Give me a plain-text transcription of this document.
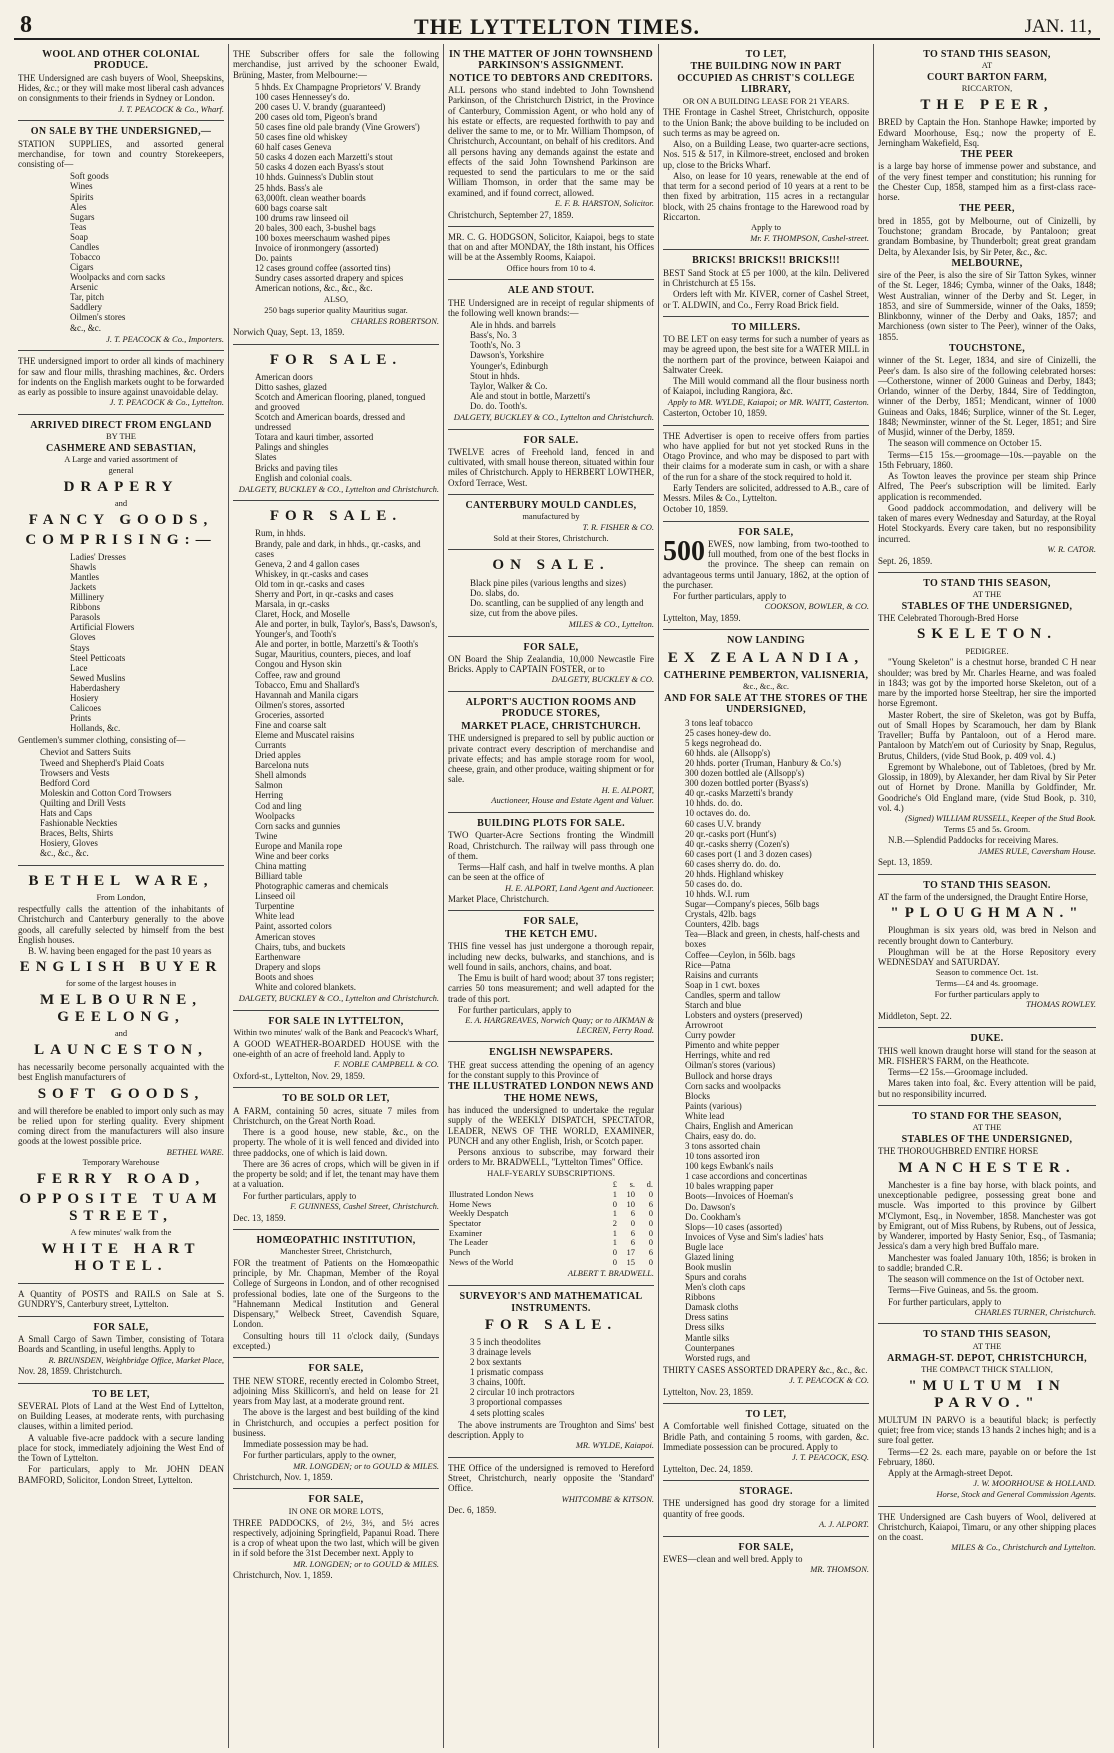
8	THE LYTTELTON TIMES.	JAN. 11,
WOOL AND OTHER COLONIAL PRODUCE.

THE Undersigned are cash buyers of Wool, Sheepskins, Hides, &c.; or they will make most liberal cash advances on consignments to their friends in Sydney or London.

J. T. PEACOCK & Co., Wharf.

ON SALE BY THE UNDERSIGNED,—

STATION SUPPLIES, and assorted general merchandise, for town and country Storekeepers, consisting of—

Soft goods
Wines
Spirits
Ales
Sugars
Teas
Soap
Candles
Tobacco
Cigars
Woolpacks and corn sacks
Arsenic
Tar, pitch
Saddlery
Oilmen's stores
&c., &c.

J. T. PEACOCK & Co., Importers.

THE undersigned import to order all kinds of machinery for saw and flour mills, thrashing machines, &c. Orders for indents on the English markets ought to be forwarded as early as possible to insure against unavoidable delay.

J. T. PEACOCK & Co., Lyttelton.

ARRIVED DIRECT FROM ENGLAND
BY THE
CASHMERE AND SEBASTIAN,
A Large and varied assortment of
general
DRAPERY
and
FANCY GOODS,
COMPRISING:—
Ladies' Dresses
Shawls
Mantles
Jackets
Millinery
Ribbons
Parasols
Artificial Flowers
Gloves
Stays
Steel Petticoats
Lace
Sewed Muslins
Haberdashery
Hosiery
Calicoes
Prints
Hollands, &c.

Gentlemen's summer clothing, consisting of—

Cheviot and Satters Suits
Tweed and Shepherd's Plaid Coats
Trowsers and Vests
Bedford Cord
Moleskin and Cotton Cord Trowsers
Quilting and Drill Vests
Hats and Caps
Fashionable Neckties
Braces, Belts, Shirts
Hosiery, Gloves
&c., &c., &c.
BETHEL WARE,
From London,

respectfully calls the attention of the inhabitants of Christchurch and Canterbury generally to the above goods, all carefully selected by himself from the best English houses.

B. W. having been engaged for the past 10 years as

ENGLISH BUYER
for some of the largest houses in
MELBOURNE, GEELONG,
and
LAUNCESTON,

has necessarily become personally acquainted with the best English manufacturers of

SOFT GOODS,

and will therefore be enabled to import only such as may be relied upon for sterling quality. Every shipment coming direct from the manufacturers will also insure goods at the lowest possible price.

BETHEL WARE.

Temporary Warehouse
FERRY ROAD,
OPPOSITE TUAM STREET,
A few minutes' walk from the
WHITE HART HOTEL.

A Quantity of POSTS and RAILS on Sale at S. GUNDRY'S, Canterbury street, Lyttelton.

FOR SALE,

A Small Cargo of Sawn Timber, consisting of Totara Boards and Scantling, in useful lengths. Apply to

R. BRUNSDEN, Weighbridge Office, Market Place,

Nov. 28, 1859. Christchurch.

TO BE LET,

SEVERAL Plots of Land at the West End of Lyttelton, on Building Leases, at moderate rents, with purchasing clauses, within a limited period.

A valuable five-acre paddock with a secure landing place for stock, immediately adjoining the West End of the Town of Lyttelton.

For particulars, apply to Mr. JOHN DEAN BAMFORD, Solicitor, London Street, Lyttelton.

THE Subscriber offers for sale the following merchandise, just arrived by the schooner Ewald, Brüning, Master, from Melbourne:—

5 hhds. Ex Champagne Proprietors' V. Brandy
100 cases Hennessey's do.
200 cases U. V. brandy (guaranteed)
200 cases old tom, Pigeon's brand
50 cases fine old pale brandy (Vine Growers')
50 cases fine old whiskey
60 half cases Geneva
50 casks 4 dozen each Marzetti's stout
50 casks 4 dozen each Byass's stout
10 hhds. Guinness's Dublin stout
25 hhds. Bass's ale
63,000ft. clean weather boards
600 bags coarse salt
100 drums raw linseed oil
20 bales, 300 each, 3-bushel bags
100 boxes meerschaum washed pipes
Invoice of ironmongery (assorted)
Do. paints
12 cases ground coffee (assorted tins)
Sundry cases assorted drapery and spices
American notions, &c., &c., &c.
ALSO,
250 bags superior quality Mauritius sugar.

CHARLES ROBERTSON.

Norwich Quay, Sept. 13, 1859.

FOR SALE.
American doors
Ditto sashes, glazed
Scotch and American flooring, planed, tongued and grooved
Scotch and American boards, dressed and undressed
Totara and kauri timber, assorted
Palings and shingles
Slates
Bricks and paving tiles
English and colonial coals.

DALGETY, BUCKLEY & CO., Lyttelton and Christchurch.

FOR SALE.
Rum, in hhds.
Brandy, pale and dark, in hhds., qr.-casks, and cases
Geneva, 2 and 4 gallon cases
Whiskey, in qr.-casks and cases
Old tom in qr.-casks and cases
Sherry and Port, in qr.-casks and cases
Marsala, in qr.-casks
Claret, Hock, and Moselle
Ale and porter, in bulk, Taylor's, Bass's, Dawson's, Younger's, and Tooth's
Ale and porter, in bottle, Marzetti's & Tooth's
Sugar, Mauritius, counters, pieces, and loaf
Congou and Hyson skin
Coffee, raw and ground
Tobacco, Emu and Shallard's
Havannah and Manila cigars
Oilmen's stores, assorted
Groceries, assorted
Fine and coarse salt
Eleme and Muscatel raisins
Currants
Dried apples
Barcelona nuts
Shell almonds
Salmon
Herring
Cod and ling
Woolpacks
Corn sacks and gunnies
Twine
Europe and Manila rope
Wine and beer corks
China matting
Billiard table
Photographic cameras and chemicals
Linseed oil
Turpentine
White lead
Paint, assorted colors
American stoves
Chairs, tubs, and buckets
Earthenware
Drapery and slops
Boots and shoes
White and colored blankets.

DALGETY, BUCKLEY & CO., Lyttelton and Christchurch.

FOR SALE IN LYTTELTON,
Within two minutes' walk of the Bank and Peacock's Wharf,

A GOOD WEATHER-BOARDED HOUSE with the one-eighth of an acre of freehold land. Apply to

F. NOBLE CAMPBELL & CO.

Oxford-st., Lyttelton, Nov. 29, 1859.

TO BE SOLD OR LET,

A FARM, containing 50 acres, situate 7 miles from Christchurch, on the Great North Road.

There is a good house, new stable, &c., on the property. The whole of it is well fenced and divided into three paddocks, one of which is laid down.

There are 36 acres of crops, which will be given in if the property be sold; and if let, the tenant may have them at a valuation.

For further particulars, apply to

F. GUINNESS, Cashel Street, Christchurch.

Dec. 13, 1859.

HOMŒOPATHIC INSTITUTION,
Manchester Street, Christchurch,

FOR the treatment of Patients on the Homœopathic principle, by Mr. Chapman, Member of the Royal College of Surgeons in London, and of other recognised professional bodies, late one of the Surgeons to the "Hahnemann Medical Institution and General Dispensary," Welbeck Street, Cavendish Square, London.

Consulting hours till 11 o'clock daily, (Sundays excepted.)

FOR SALE,

THE NEW STORE, recently erected in Colombo Street, adjoining Miss Skillicorn's, and held on lease for 21 years from May last, at a moderate ground rent.

The above is the largest and best building of the kind in Christchurch, and occupies a perfect position for business.

Immediate possession may be had.

For further particulars, apply to the owner,

MR. LONGDEN; or to GOULD & MILES.

Christchurch, Nov. 1, 1859.

FOR SALE,
IN ONE OR MORE LOTS,

THREE PADDOCKS, of 2½, 3½, and 5½ acres respectively, adjoining Springfield, Papanui Road. There is a crop of wheat upon the two last, which will be given in if sold before the 31st December next. Apply to

MR. LONGDEN; or to GOULD & MILES.

Christchurch, Nov. 1, 1859.

IN THE MATTER OF JOHN TOWNSHEND PARKINSON'S ASSIGNMENT.
NOTICE TO DEBTORS AND CREDITORS.

ALL persons who stand indebted to John Townshend Parkinson, of the Christchurch District, in the Province of Canterbury, Commission Agent, or who hold any of his estate or effects, are requested forthwith to pay and deliver the same to me, or to Mr. William Thompson, of Christchurch, Accountant, on behalf of his creditors. And all persons having any demands against the estate and effects of the said John Townshend Parkinson are requested to send the particulars to me or the said William Thomson, in order that the same may be examined, and if found correct, allowed.

E. F. B. HARSTON, Solicitor.

Christchurch, September 27, 1859.

MR. C. G. HODGSON, Solicitor, Kaiapoi, begs to state that on and after MONDAY, the 18th instant, his Offices will be at the Assembly Rooms, Kaiapoi.

Office hours from 10 to 4.
ALE AND STOUT.

THE Undersigned are in receipt of regular shipments of the following well known brands:—

Ale in hhds. and barrels
Bass's, No. 3
Tooth's, No. 3
Dawson's, Yorkshire
Younger's, Edinburgh
Stout in hhds.
Taylor, Walker & Co.
Ale and stout in bottle, Marzetti's
Do. do. Tooth's.

DALGETY, BUCKLEY & CO., Lyttelton and Christchurch.

FOR SALE.

TWELVE acres of Freehold land, fenced in and cultivated, with small house thereon, situated within four miles of Christchurch. Apply to HERBERT LOWTHER, Oxford Terrace, West.

CANTERBURY MOULD CANDLES,
manufactured by

T. R. FISHER & CO.

Sold at their Stores, Christchurch.
ON SALE.
Black pine piles (various lengths and sizes)
Do. slabs, do.
Do. scantling, can be supplied of any length and size, cut from the above piles.

MILES & CO., Lyttelton.

FOR SALE,

ON Board the Ship Zealandia, 10,000 Newcastle Fire Bricks. Apply to CAPTAIN FOSTER, or to

DALGETY, BUCKLEY & CO.

ALPORT'S AUCTION ROOMS AND PRODUCE STORES,
MARKET PLACE, CHRISTCHURCH.

THE undersigned is prepared to sell by public auction or private contract every description of merchandise and private effects; and has ample storage room for wool, cheese, grain, and other produce, waiting shipment or for sale.

H. E. ALPORT,

Auctioneer, House and Estate Agent and Valuer.

BUILDING PLOTS FOR SALE.

TWO Quarter-Acre Sections fronting the Windmill Road, Christchurch. The railway will pass through one of them.

Terms—Half cash, and half in twelve months. A plan can be seen at the office of

H. E. ALPORT, Land Agent and Auctioneer.

Market Place, Christchurch.

FOR SALE,
THE KETCH EMU.

THIS fine vessel has just undergone a thorough repair, including new decks, bulwarks, and stanchions, and is well found in sails, anchors, chains, and boat.

The Emu is built of hard wood; about 37 tons register; carries 50 tons measurement; and well adapted for the trade of this port.

For further particulars, apply to

E. A. HARGREAVES, Norwich Quay; or to AIKMAN & LECREN, Ferry Road.

ENGLISH NEWSPAPERS.

THE great success attending the opening of an agency for the constant supply to this Province of

THE ILLUSTRATED LONDON NEWS AND THE HOME NEWS,

has induced the undersigned to undertake the regular supply of the WEEKLY DISPATCH, SPECTATOR, LEADER, NEWS OF THE WORLD, EXAMINER, PUNCH and any other English, Irish, or Scotch paper.

Persons anxious to subscribe, may forward their orders to Mr. BRADWELL, "Lyttelton Times" Office.

HALF-YEARLY SUBSCRIPTIONS.
	£	s.	d.
Illustrated London News	1	10	0
Home News	0	10	6
Weekly Despatch	1	6	0
Spectator	2	0	0
Examiner	1	6	0
The Leader	1	6	0
Punch	0	17	6
News of the World	0	15	0

ALBERT T. BRADWELL.

SURVEYOR'S AND MATHEMATICAL INSTRUMENTS.
FOR SALE.
3 5 inch theodolites
3 drainage levels
2 box sextants
1 prismatic compass
3 chains, 100ft.
2 circular 10 inch protractors
3 proportional compasses
4 sets plotting scales

The above instruments are Troughton and Sims' best description. Apply to

MR. WYLDE, Kaiapoi.

THE Office of the undersigned is removed to Hereford Street, Christchurch, nearly opposite the 'Standard' Office.

WHITCOMBE & KITSON.

Dec. 6, 1859.

TO LET,
THE BUILDING NOW IN PART OCCUPIED AS CHRIST'S COLLEGE LIBRARY,
OR ON A BUILDING LEASE FOR 21 YEARS.

THE Frontage in Cashel Street, Christchurch, opposite to the Union Bank; the above building to be included on such terms as may be agreed on.

Also, on a Building Lease, two quarter-acre sections, Nos. 515 & 517, in Kilmore-street, enclosed and broken up, close to the Bricks Wharf.

Also, on lease for 10 years, renewable at the end of that term for a second period of 10 years at a rent to be then fixed by arbitration, 115 acres in a rectangular block, with 25 chains frontage to the Harewood road by Riccarton.

Apply to

Mr. F. THOMPSON, Cashel-street.

BRICKS! BRICKS!! BRICKS!!!

BEST Sand Stock at £5 per 1000, at the kiln. Delivered in Christchurch at £5 15s.

Orders left with Mr. KIVER, corner of Cashel Street, or T. ALDWIN, and Co., Ferry Road Brick field.

TO MILLERS.

TO BE LET on easy terms for such a number of years as may be agreed upon, the best site for a WATER MILL in the northern part of the province, between Kaiapoi and Saltwater Creek.

The Mill would command all the flour business north of Kaiapoi, including Rangiora, &c.

Apply to MR. WYLDE, Kaiapoi; or MR. WAITT, Casterton.

Casterton, October 10, 1859.

THE Advertiser is open to receive offers from parties who have applied for but not yet stocked Runs in the Otago Province, and who may be disposed to part with their claims for a moderate sum in cash, or with a share of the run for a share of the stock required to hold it.

Early Tenders are solicited, addressed to A.B., care of Messrs. Miles & Co., Lyttelton.

October 10, 1859.

FOR SALE,

500 EWES, now lambing, from two-toothed to full mouthed, from one of the best flocks in the province. The sheep can remain on advantageous terms until January, 1862, at the option of the purchaser.

For further particulars, apply to

COOKSON, BOWLER, & CO.

Lyttelton, May, 1859.

NOW LANDING
EX ZEALANDIA,
CATHERINE PEMBERTON, VALISNERIA,
&c., &c., &c.
AND FOR SALE AT THE STORES OF THE UNDERSIGNED,
3 tons leaf tobacco
25 cases honey-dew do.
5 kegs negrohead do.
60 hhds. ale (Allsopp's)
20 hhds. porter (Truman, Hanbury & Co.'s)
300 dozen bottled ale (Allsopp's)
300 dozen bottled porter (Byass's)
40 qr.-casks Marzetti's brandy
10 hhds. do. do.
10 octaves do. do.
60 cases U.V. brandy
20 qr.-casks port (Hunt's)
40 qr.-casks sherry (Cozen's)
60 cases port (1 and 3 dozen cases)
60 cases sherry do. do. do.
20 hhds. Highland whiskey
50 cases do. do.
10 hhds. W.I. rum
Sugar—Company's pieces, 56lb bags
Crystals, 42lb. bags
Counters, 42lb. bags
Tea—Black and green, in chests, half-chests and boxes
Coffee—Ceylon, in 56lb. bags
Rice—Patna
Raisins and currants
Soap in 1 cwt. boxes
Candles, sperm and tallow
Starch and blue
Lobsters and oysters (preserved)
Arrowroot
Curry powder
Pimento and white pepper
Herrings, white and red
Oilman's stores (various)
Bullock and horse drays
Corn sacks and woolpacks
Blocks
Paints (various)
White lead
Chairs, English and American
Chairs, easy do. do.
3 tons assorted chain
10 tons assorted iron
100 kegs Ewbank's nails
1 case accordions and concertinas
10 bales wrapping paper
Boots—Invoices of Hoeman's
Do. Dawson's
Do. Cookham's
Slops—10 cases (assorted)
Invoices of Vyse and Sim's ladies' hats
Bugle lace
Glazed lining
Book muslin
Spurs and corahs
Men's cloth caps
Ribbons
Damask cloths
Dress satins
Dress silks
Mantle silks
Counterpanes
Worsted rugs, and

THIRTY CASES ASSORTED DRAPERY &c., &c., &c.

J. T. PEACOCK & CO.

Lyttelton, Nov. 23, 1859.

TO LET,

A Comfortable well finished Cottage, situated on the Bridle Path, and containing 5 rooms, with garden, &c. Immediate possession can be procured. Apply to

J. T. PEACOCK, ESQ.

Lyttelton, Dec. 24, 1859.

STORAGE.

THE undersigned has good dry storage for a limited quantity of free goods.

A. J. ALPORT.

FOR SALE,

EWES—clean and well bred. Apply to

MR. THOMSON.

TO STAND THIS SEASON,
AT
COURT BARTON FARM,
RICCARTON,
THE PEER,

BRED by Captain the Hon. Stanhope Hawke; imported by Edward Moorhouse, Esq.; now the property of E. Jerningham Wakefield, Esq.

THE PEER

is a large bay horse of immense power and substance, and of the very finest temper and constitution; his running for the Chester Cup, 1858, stamped him as a first-class race-horse.

THE PEER,

bred in 1855, got by Melbourne, out of Cinizelli, by Touchstone; grandam Brocade, by Pantaloon; great grandam Bombasine, by Thunderbolt; great great grandam Delta, by Alexander Isis, by Sir Peter, &c., &c.

MELBOURNE,

sire of the Peer, is also the sire of Sir Tatton Sykes, winner of the St. Leger, 1846; Cymba, winner of the Oaks, 1848; West Australian, winner of the Derby and St. Leger, in 1853, and sire of Summerside, winner of the Oaks, 1859; Blinkbonny, winner of the Derby and Oaks, 1857; and Marchioness (own sister to The Peer), winner of the Oaks, 1855.

TOUCHSTONE,

winner of the St. Leger, 1834, and sire of Cinizelli, the Peer's dam. Is also sire of the following celebrated horses:—Cotherstone, winner of 2000 Guineas and Derby, 1843; Orlando, winner of the Derby, 1844, Sire of Teddington, winner of the Derby, 1851; Mendicant, winner of 1000 Guineas and Oaks, 1846; Surplice, winner of the St. Leger, 1848; Newminster, winner of the St. Leger, 1851; and Sire of Musjid, winner of the Derby, 1859.

The season will commence on October 15.

Terms—£15 15s.—groomage—10s.—payable on the 15th February, 1860.

As Towton leaves the province per steam ship Prince Alfred, The Peer's subscription will be limited. Early application is recommended.

Good paddock accommodation, and delivery will be taken of mares every Wednesday and Saturday, at the Royal Hotel Stockyards. Every care taken, but no responsibility incurred.

W. R. CATOR.

Sept. 26, 1859.

TO STAND THIS SEASON,
AT THE
STABLES OF THE UNDERSIGNED,

THE Celebrated Thorough-Bred Horse

SKELETON.
PEDIGREE.

"Young Skeleton" is a chestnut horse, branded C H near shoulder; was bred by Mr. Charles Hearne, and was foaled in 1843; was got by the imported horse Skeleton, out of a mare by the imported horse Steeltrap, her sire the imported horse Egremont.

Master Robert, the sire of Skeleton, was got by Buffa, out of Small Hopes by Scaramouch, her dam by Blank Traveller; Buffa by Pantaloon, out of a Herod mare. Pantaloon by Match'em out of Curiosity by Snap, Regulus, Brutus, Childers, (vide Stud Book, p. 409 vol. 4.)

Egremont by Whalebone, out of Tabletoes, (bred by Mr. Glossip, in 1809), by Alexander, her dam Rival by Sir Peter out of Hornet by Drone. Manilla by Goldfinder, Mr. Goodriche's Old England mare, (vide Stud Book, p. 310, vol. 4.)

(Signed) WILLIAM RUSSELL, Keeper of the Stud Book.

Terms £5 and 5s. Groom.

N.B.—Splendid Paddocks for receiving Mares.

JAMES RULE, Caversham House.

Sept. 13, 1859.

TO STAND THIS SEASON.

AT the farm of the undersigned, the Draught Entire Horse,

"PLOUGHMAN."

Ploughman is six years old, was bred in Nelson and recently brought down to Canterbury.

Ploughman will be at the Horse Repository every WEDNESDAY and SATURDAY.

Season to commence Oct. 1st.
Terms—£4 and 4s. groomage.
For further particulars apply to

THOMAS ROWLEY.

Middleton, Sept. 22.

DUKE.

THIS well known draught horse will stand for the season at MR. FISHER'S FARM, on the Heathcote.

Terms—£2 15s.—Groomage included.

Mares taken into foal, &c. Every attention will be paid, but no responsibility incurred.

TO STAND FOR THE SEASON,
AT THE
STABLES OF THE UNDERSIGNED,

THE THOROUGHBRED ENTIRE HORSE

MANCHESTER.

Manchester is a fine bay horse, with black points, and unexceptionable pedigree, possessing great bone and muscle. Was imported to this province by Gilbert M'Clymont, Esq., in November, 1858. Manchester was got by Emigrant, out of Miss Rubens, by Rubens, out of Jessica, by Wanderer, imported by Hasty Senior, Esq., of Tasmania; Jessica's dam a very high bred Buffalo mare.

Manchester was foaled January 10th, 1856; is broken in to saddle; branded C.R.

The season will commence on the 1st of October next.

Terms—Five Guineas, and 5s. the groom.

For further particulars, apply to

CHARLES TURNER, Christchurch.

TO STAND THIS SEASON,
AT THE
ARMAGH-ST. DEPOT, CHRISTCHURCH,
THE COMPACT THICK STALLION,
"MULTUM IN PARVO."

MULTUM IN PARVO is a beautiful black; is perfectly quiet; free from vice; stands 13 hands 2 inches high; and is a sure foal getter.

Terms—£2 2s. each mare, payable on or before the 1st February, 1860.

Apply at the Armagh-street Depot.

J. W. MOORHOUSE & HOLLAND.

Horse, Stock and General Commission Agents.

THE Undersigned are Cash buyers of Wool, delivered at Christchurch, Kaiapoi, Timaru, or any other shipping places on the coast.

MILES & Co., Christchurch and Lyttelton.
